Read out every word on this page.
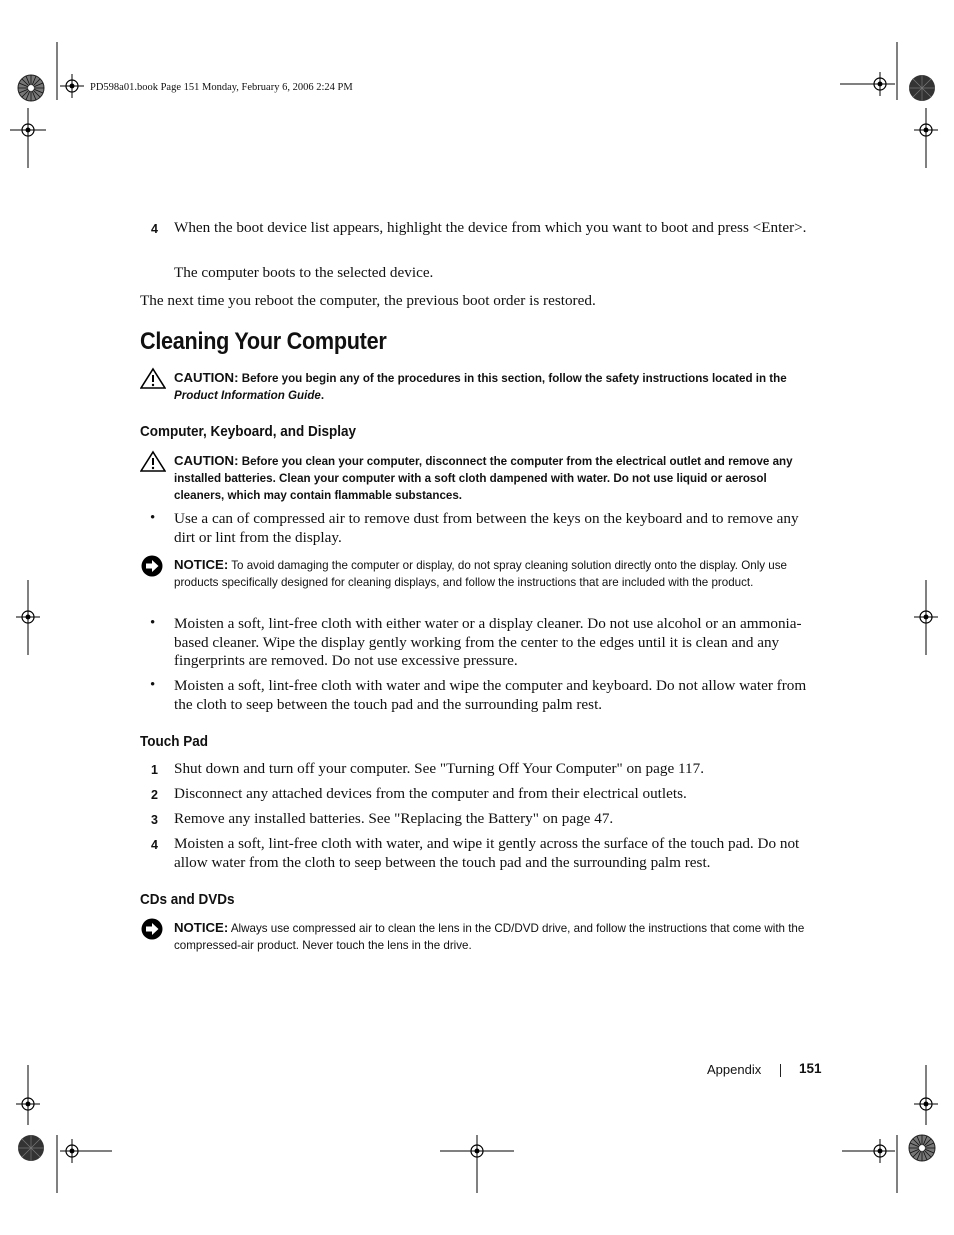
PD598a01.book Page 151 Monday, February 6, 2006 2:24 PM
4 When the boot device list appears, highlight the device from which you want to boot and press <Enter>.
The computer boots to the selected device.
The next time you reboot the computer, the previous boot order is restored.
Cleaning Your Computer
CAUTION: Before you begin any of the procedures in this section, follow the safety instructions located in the Product Information Guide.
Computer, Keyboard, and Display
CAUTION: Before you clean your computer, disconnect the computer from the electrical outlet and remove any installed batteries. Clean your computer with a soft cloth dampened with water. Do not use liquid or aerosol cleaners, which may contain flammable substances.
• Use a can of compressed air to remove dust from between the keys on the keyboard and to remove any dirt or lint from the display.
NOTICE: To avoid damaging the computer or display, do not spray cleaning solution directly onto the display. Only use products specifically designed for cleaning displays, and follow the instructions that are included with the product.
• Moisten a soft, lint-free cloth with either water or a display cleaner. Do not use alcohol or an ammonia-based cleaner. Wipe the display gently working from the center to the edges until it is clean and any fingerprints are removed. Do not use excessive pressure.
• Moisten a soft, lint-free cloth with water and wipe the computer and keyboard. Do not allow water from the cloth to seep between the touch pad and the surrounding palm rest.
Touch Pad
1 Shut down and turn off your computer. See "Turning Off Your Computer" on page 117.
2 Disconnect any attached devices from the computer and from their electrical outlets.
3 Remove any installed batteries. See "Replacing the Battery" on page 47.
4 Moisten a soft, lint-free cloth with water, and wipe it gently across the surface of the touch pad. Do not allow water from the cloth to seep between the touch pad and the surrounding palm rest.
CDs and DVDs
NOTICE: Always use compressed air to clean the lens in the CD/DVD drive, and follow the instructions that come with the compressed-air product. Never touch the lens in the drive.
Appendix	151
